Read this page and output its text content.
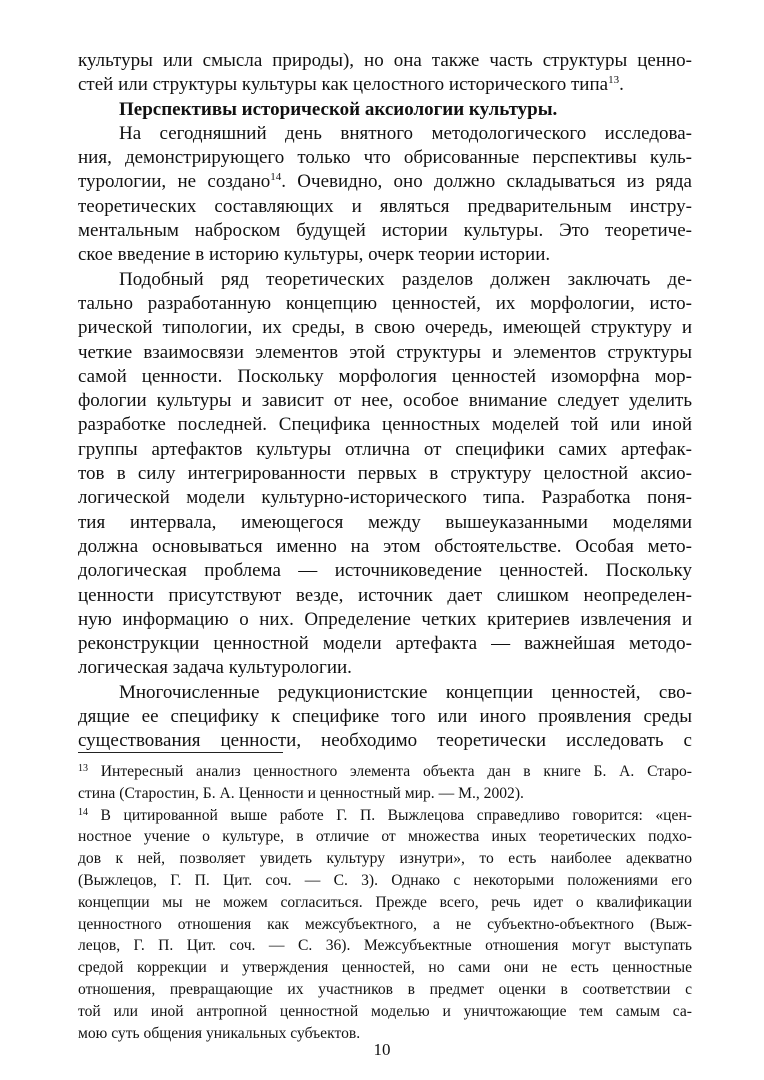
культуры или смысла природы), но она также часть структуры ценно-
стей или структуры культуры как целостного исторического типа$^{13}$.
Перспективы исторической аксиологии культуры.
На сегодняшний день внятного методологического исследова-
ния, демонстрирующего только что обрисованные перспективы куль-
турологии, не создано$^{14}$. Очевидно, оно должно складываться из ряда
теоретических составляющих и являться предварительным инстру-
ментальным наброском будущей истории культуры. Это теоретиче-
ское введение в историю культуры, очерк теории истории.
Подобный ряд теоретических разделов должен заключать де-
тально разработанную концепцию ценностей, их морфологии, исто-
рической типологии, их среды, в свою очередь, имеющей структуру и
четкие взаимосвязи элементов этой структуры и элементов структуры
самой ценности. Поскольку морфология ценностей изоморфна мор-
фологии культуры и зависит от нее, особое внимание следует уделить
разработке последней. Специфика ценностных моделей той или иной
группы артефактов культуры отлична от специфики самих артефак-
тов в силу интегрированности первых в структуру целостной аксио-
логической модели культурно-исторического типа. Разработка поня-
тия интервала, имеющегося между вышеуказанными моделями
должна основываться именно на этом обстоятельстве. Особая мето-
дологическая проблема — источниковедение ценностей. Поскольку
ценности присутствуют везде, источник дает слишком неопределен-
ную информацию о них. Определение четких критериев извлечения и
реконструкции ценностной модели артефакта — важнейшая методо-
логическая задача культурологии.
Многочисленные редукционистские концепции ценностей, сво-
дящие ее специфику к специфике того или иного проявления среды
существования ценности, необходимо теоретически исследовать с
$^{13}$ Интересный анализ ценностного элемента объекта дан в книге Б. А. Старо-
стина (Старостин, Б. А. Ценности и ценностный мир. — М., 2002).
$^{14}$ В цитированной выше работе Г. П. Выжлецова справедливо говорится: «цен-
ностное учение о культуре, в отличие от множества иных теоретических подхо-
дов к ней, позволяет увидеть культуру изнутри», то есть наиболее адекватно
(Выжлецов, Г. П. Цит. соч. — С. 3). Однако с некоторыми положениями его
концепции мы не можем согласиться. Прежде всего, речь идет о квалификации
ценностного отношения как межсубъектного, а не субъектно-объектного (Выж-
лецов, Г. П. Цит. соч. — С. 36). Межсубъектные отношения могут выступать
средой коррекции и утверждения ценностей, но сами они не есть ценностные
отношения, превращающие их участников в предмет оценки в соответствии с
той или иной антропной ценностной моделью и уничтожающие тем самым са-
мою суть общения уникальных субъектов.
10
